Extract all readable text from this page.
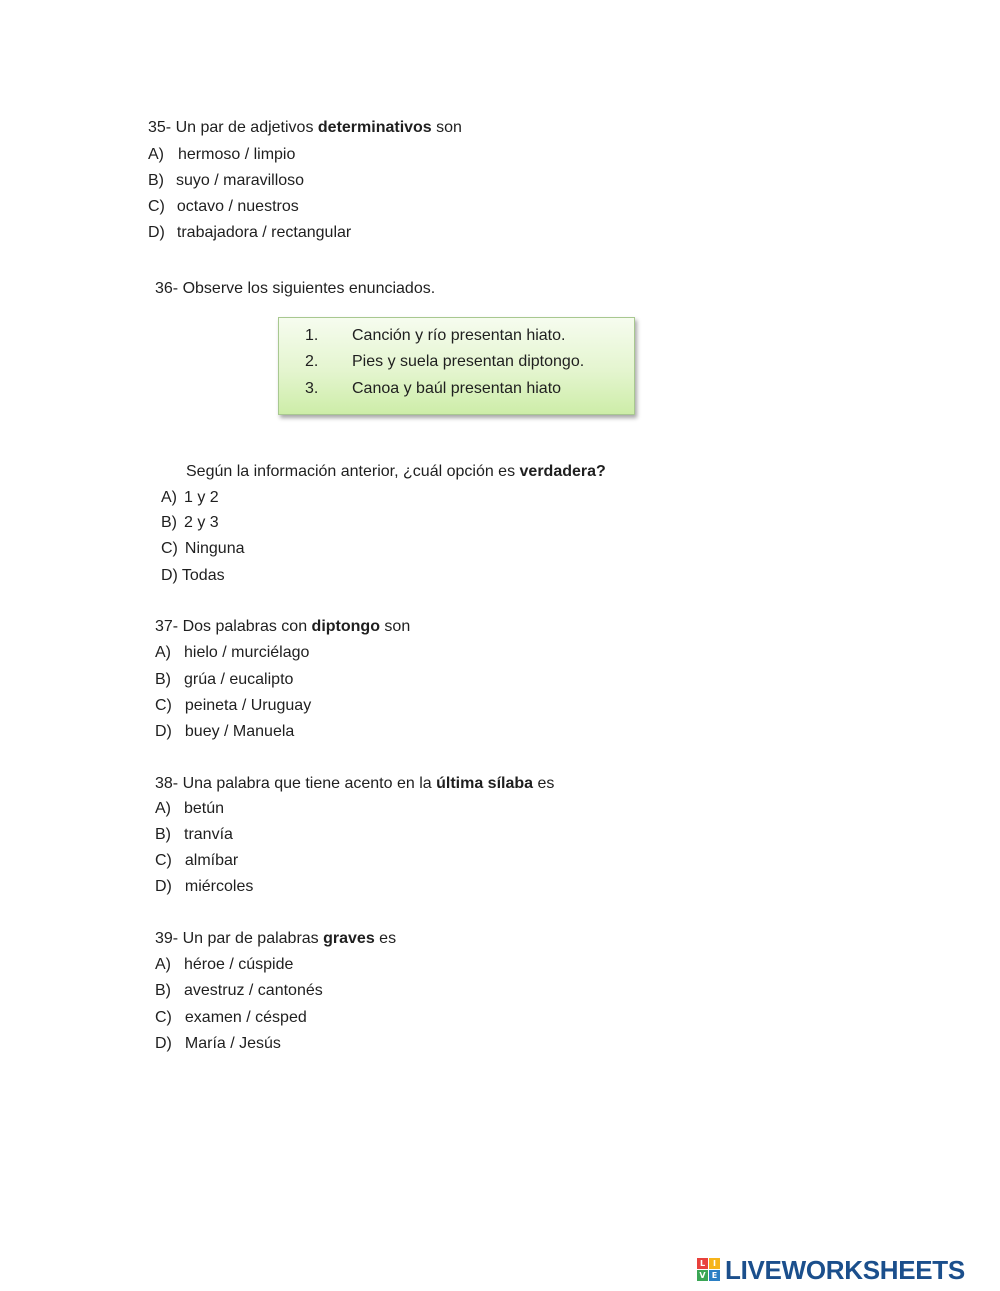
35- Un par de adjetivos determinativos son
A) hermoso / limpio
B) suyo / maravilloso
C) octavo / nuestros
D) trabajadora / rectangular
36- Observe los siguientes enunciados.
1. Canción y río presentan hiato.
2. Pies y suela presentan diptongo.
3. Canoa y baúl presentan hiato
Según la información anterior, ¿cuál opción es verdadera?
A) 1 y 2
B) 2 y 3
C) Ninguna
D) Todas
37- Dos palabras con diptongo son
A) hielo / murciélago
B) grúa / eucalipto
C) peineta / Uruguay
D) buey / Manuela
38- Una palabra que tiene acento en la última sílaba es
A) betún
B) tranvía
C) almíbar
D) miércoles
39- Un par de palabras graves es
A) héroe / cúspide
B) avestruz / cantonés
C) examen / césped
D) María / Jesús
L I
V E LIVEWORKSHEETS
